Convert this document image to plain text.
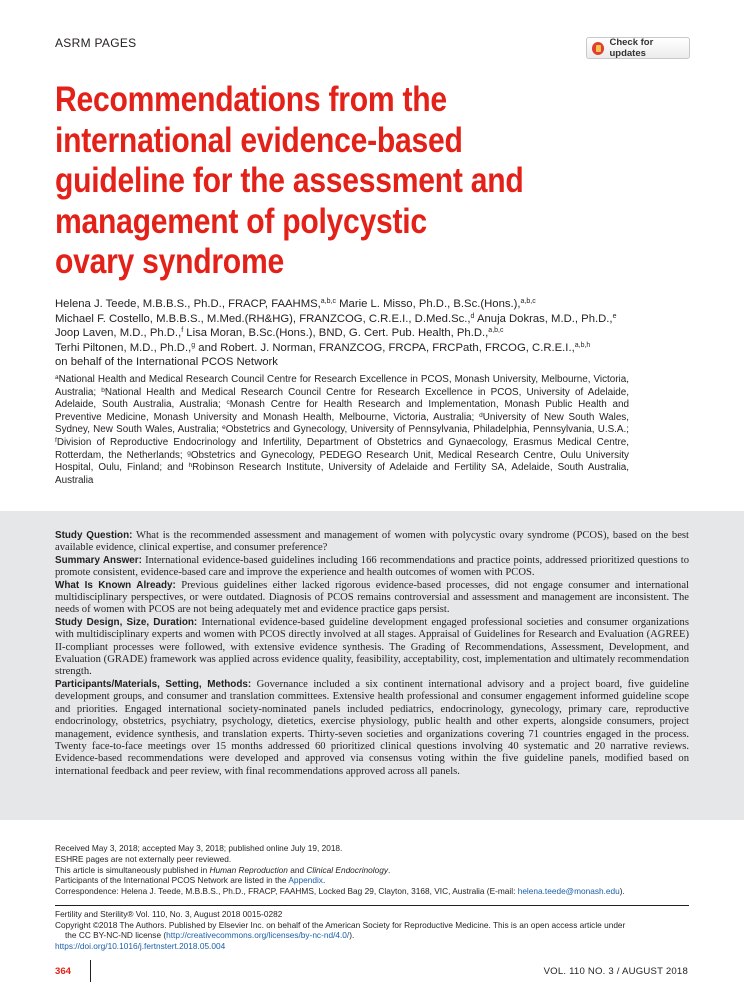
ASRM PAGES	Check for updates
Recommendations from the
international evidence-based
guideline for the assessment and
management of polycystic
ovary syndrome
Helena J. Teede, M.B.B.S., Ph.D., FRACP, FAAHMS,$^{a,b,c}$ Marie L. Misso, Ph.D., B.Sc.(Hons.),$^{a,b,c}$
Michael F. Costello, M.B.B.S., M.Med.(RH&HG), FRANZCOG, C.R.E.I., D.Med.Sc.,$^d$ Anuja Dokras, M.D., Ph.D.,$^e$
Joop Laven, M.D., Ph.D.,$^f$ Lisa Moran, B.Sc.(Hons.), BND, G. Cert. Pub. Health, Ph.D.,$^{a,b,c}$
Terhi Piltonen, M.D., Ph.D.,$^g$ and Robert. J. Norman, FRANZCOG, FRCPA, FRCPath, FRCOG, C.R.E.I.,$^{a,b,h}$
on behalf of the International PCOS Network
$^a$National Health and Medical Research Council Centre for Research Excellence in PCOS, Monash University, Melbourne, Victoria, Australia; $^b$National Health and Medical Research Council Centre for Research Excellence in PCOS, University of Adelaide, Adelaide, South Australia, Australia; $^c$Monash Centre for Health Research and Implementation, Monash Public Health and Preventive Medicine, Monash University and Monash Health, Melbourne, Victoria, Australia; $^d$University of New South Wales, Sydney, New South Wales, Australia; $^e$Obstetrics and Gynecology, University of Pennsylvania, Philadelphia, Pennsylvania, U.S.A.; $^f$Division of Reproductive Endocrinology and Infertility, Department of Obstetrics and Gynaecology, Erasmus Medical Centre, Rotterdam, the Netherlands; $^g$Obstetrics and Gynecology, PEDEGO Research Unit, Medical Research Centre, Oulu University Hospital, Oulu, Finland; and $^h$Robinson Research Institute, University of Adelaide and Fertility SA, Adelaide, South Australia, Australia

Study Question: What is the recommended assessment and management of women with polycystic ovary syndrome (PCOS), based on the best available evidence, clinical expertise, and consumer preference?

Summary Answer: International evidence-based guidelines including 166 recommendations and practice points, addressed prioritized questions to promote consistent, evidence-based care and improve the experience and health outcomes of women with PCOS.

What Is Known Already: Previous guidelines either lacked rigorous evidence-based processes, did not engage consumer and international multidisciplinary perspectives, or were outdated. Diagnosis of PCOS remains controversial and assessment and management are inconsistent. The needs of women with PCOS are not being adequately met and evidence practice gaps persist.

Study Design, Size, Duration: International evidence-based guideline development engaged professional societies and consumer organizations with multidisciplinary experts and women with PCOS directly involved at all stages. Appraisal of Guidelines for Research and Evaluation (AGREE) II-compliant processes were followed, with extensive evidence synthesis. The Grading of Recommendations, Assessment, Development, and Evaluation (GRADE) framework was applied across evidence quality, feasibility, acceptability, cost, implementation and ultimately recommendation strength.

Participants/Materials, Setting, Methods: Governance included a six continent international advisory and a project board, five guideline development groups, and consumer and translation committees. Extensive health professional and consumer engagement informed guideline scope and priorities. Engaged international society-nominated panels included pediatrics, endocrinology, gynecology, primary care, reproductive endocrinology, obstetrics, psychiatry, psychology, dietetics, exercise physiology, public health and other experts, alongside consumers, project management, evidence synthesis, and translation experts. Thirty-seven societies and organizations covering 71 countries engaged in the process. Twenty face-to-face meetings over 15 months addressed 60 prioritized clinical questions involving 40 systematic and 20 narrative reviews. Evidence-based recommendations were developed and approved via consensus voting within the five guideline panels, modified based on international feedback and peer review, with final recommendations approved across all panels.

Received May 3, 2018; accepted May 3, 2018; published online July 19, 2018.
ESHRE pages are not externally peer reviewed.
This article is simultaneously published in Human Reproduction and Clinical Endocrinology.
Participants of the International PCOS Network are listed in the Appendix.
Correspondence: Helena J. Teede, M.B.B.S., Ph.D., FRACP, FAAHMS, Locked Bag 29, Clayton, 3168, VIC, Australia (E-mail: helena.teede@monash.edu).
Fertility and Sterility® Vol. 110, No. 3, August 2018 0015-0282
Copyright ©2018 The Authors. Published by Elsevier Inc. on behalf of the American Society for Reproductive Medicine. This is an open access article under
the CC BY-NC-ND license (http://creativecommons.org/licenses/by-nc-nd/4.0/).
https://doi.org/10.1016/j.fertnstert.2018.05.004
364	VOL. 110 NO. 3 / AUGUST 2018
